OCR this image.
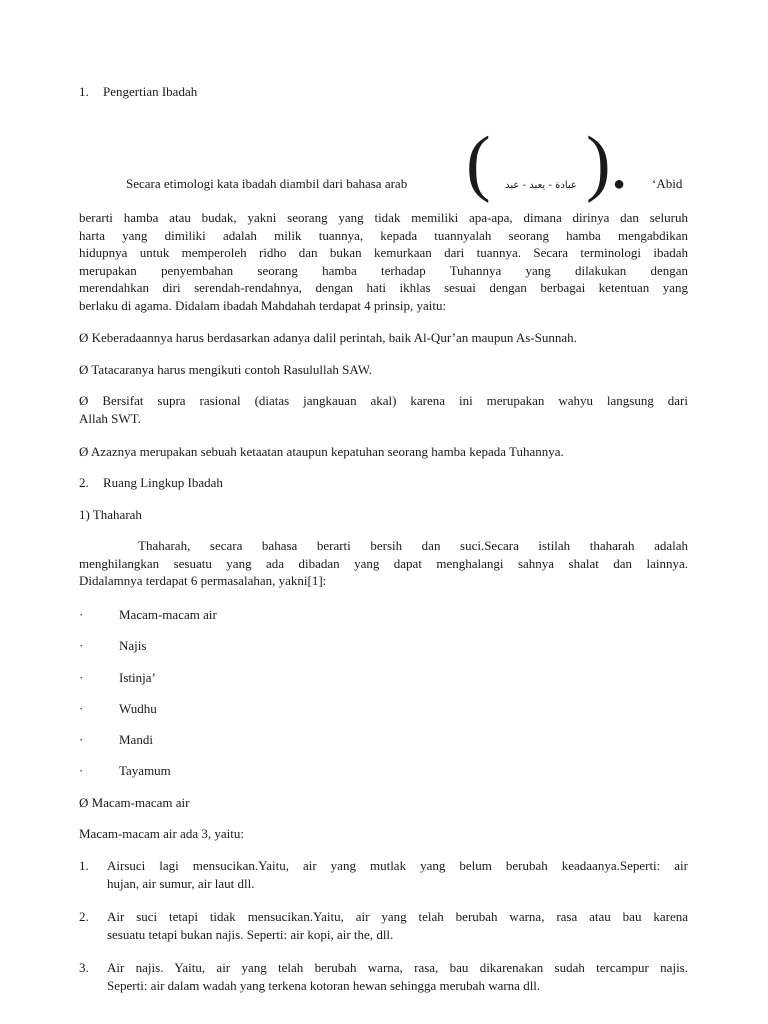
1. Pengertian Ibadah
Secara etimologi kata ibadah diambil dari bahasa arab (	عبادة - يعبد - عبد ) ● ‘Abid
berarti hamba atau budak, yakni seorang yang tidak memiliki apa-apa, dimana dirinya dan seluruh
harta yang dimiliki adalah milik tuannya, kepada tuannyalah seorang hamba mengabdikan
hidupnya untuk memperoleh ridho dan bukan kemurkaan dari tuannya. Secara terminologi ibadah
merupakan penyembahan seorang hamba terhadap Tuhannya yang dilakukan dengan
merendahkan diri serendah-rendahnya, dengan hati ikhlas sesuai dengan berbagai ketentuan yang
berlaku di agama. Didalam ibadah Mahdahah terdapat 4 prinsip, yaitu:
Ø Keberadaannya harus berdasarkan adanya dalil perintah, baik Al-Qur’an maupun As-Sunnah.
Ø Tatacaranya harus mengikuti contoh Rasulullah SAW.
Ø Bersifat supra rasional (diatas jangkauan akal) karena ini merupakan wahyu langsung dari
Allah SWT.
Ø Azaznya merupakan sebuah ketaatan ataupun kepatuhan seorang hamba kepada Tuhannya.
2. Ruang Lingkup Ibadah
1) Thaharah
Thaharah, secara bahasa berarti bersih dan suci.Secara istilah thaharah adalah
menghilangkan sesuatu yang ada dibadan yang dapat menghalangi sahnya shalat dan lainnya.
Didalamnya terdapat 6 permasalahan, yakni[1]:
·	Macam-macam air
·	Najis
·	Istinja’
·	Wudhu
·	Mandi
·	Tayamum
Ø Macam-macam air
Macam-macam air ada 3, yaitu:
1. Airsuci lagi mensucikan.Yaitu, air yang mutlak yang belum berubah keadaanya.Seperti: air
hujan, air sumur, air laut dll.
2. Air suci tetapi tidak mensucikan.Yaitu, air yang telah berubah warna, rasa atau bau karena
sesuatu tetapi bukan najis. Seperti: air kopi, air the, dll.
3. Air najis. Yaitu, air yang telah berubah warna, rasa, bau dikarenakan sudah tercampur najis.
Seperti: air dalam wadah yang terkena kotoran hewan sehingga merubah warna dll.
